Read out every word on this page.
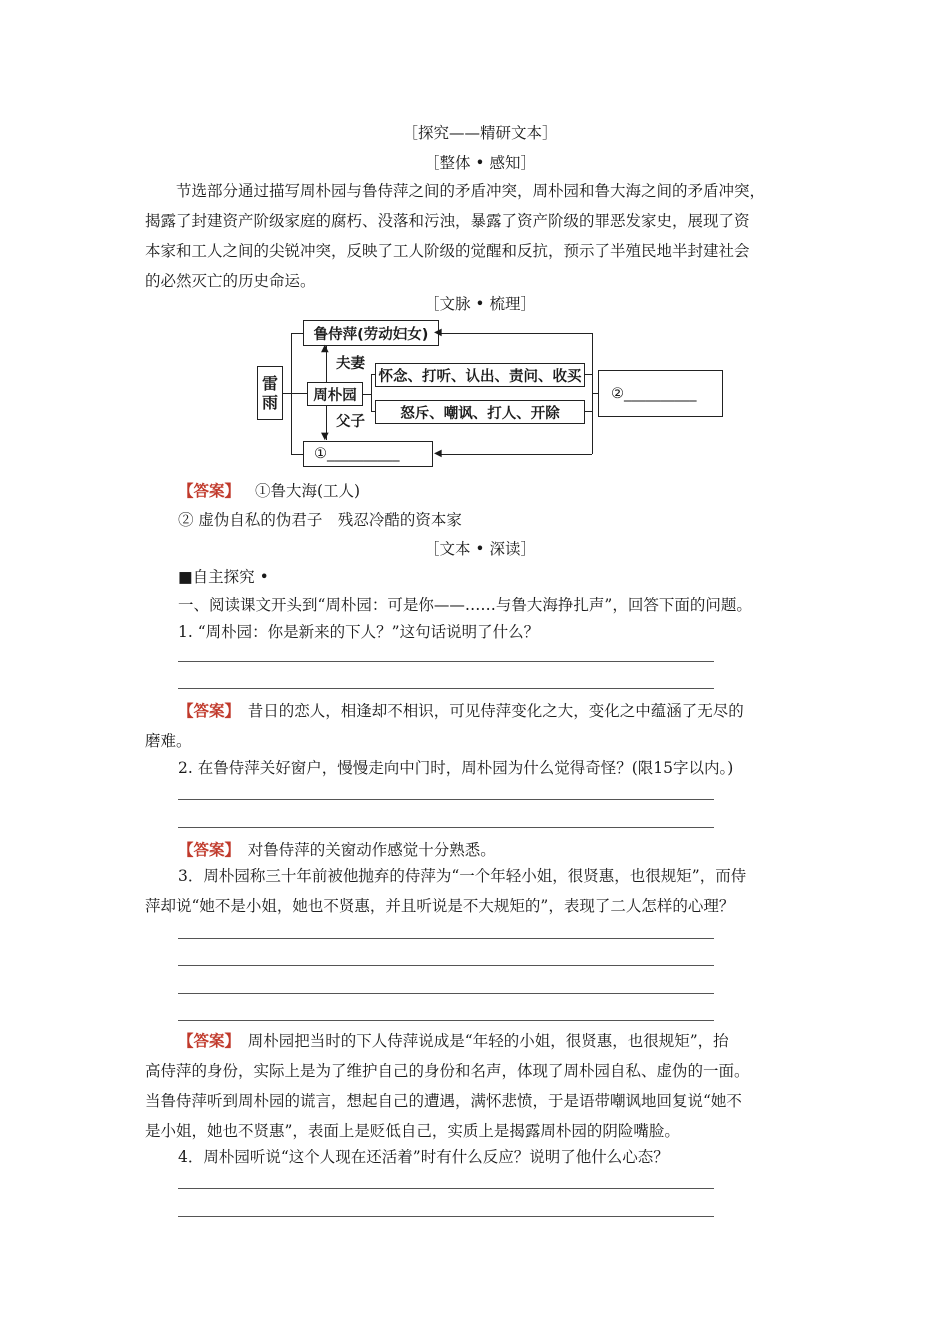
［探究——精研文本］
［整体 • 感知］
　　节选部分通过描写周朴园与鲁侍萍之间的矛盾冲突，周朴园和鲁大海之间的矛盾冲突，
揭露了封建资产阶级家庭的腐朽、没落和污浊，暴露了资产阶级的罪恶发家史，展现了资
本家和工人之间的尖锐冲突，反映了工人阶级的觉醒和反抗，预示了半殖民地半封建社会
的必然灭亡的历史命运。
［文脉 • 梳理］
雷雨
鲁侍萍(劳动妇女)
周朴园
①__________
▲
▼
夫妻
父子
怀念、打听、认出、责问、收买
怒斥、嘲讽、打人、开除
◀
◀
②__________
【答案】 ①鲁大海(工人)
② 虚伪自私的伪君子　残忍冷酷的资本家
［文本 • 深读］
■自主探究 •
一、阅读课文开头到“周朴园：可是你——……与鲁大海挣扎声”，回答下面的问题。
1. “周朴园：你是新来的下人？”这句话说明了什么？
【答案】　昔日的恋人，相逢却不相识，可见侍萍变化之大，变化之中蕴涵了无尽的
磨难。
2. 在鲁侍萍关好窗户，慢慢走向中门时，周朴园为什么觉得奇怪？(限15字以内。)
【答案】　对鲁侍萍的关窗动作感觉十分熟悉。
3．周朴园称三十年前被他抛弃的侍萍为“一个年轻小姐，很贤惠，也很规矩”，而侍
萍却说“她不是小姐，她也不贤惠，并且听说是不大规矩的”，表现了二人怎样的心理？
【答案】　周朴园把当时的下人侍萍说成是“年轻的小姐，很贤惠，也很规矩”，抬
高侍萍的身份，实际上是为了维护自己的身份和名声，体现了周朴园自私、虚伪的一面。
当鲁侍萍听到周朴园的谎言，想起自己的遭遇，满怀悲愤，于是语带嘲讽地回复说“她不
是小姐，她也不贤惠”，表面上是贬低自己，实质上是揭露周朴园的阴险嘴脸。
4．周朴园听说“这个人现在还活着”时有什么反应？说明了他什么心态？
